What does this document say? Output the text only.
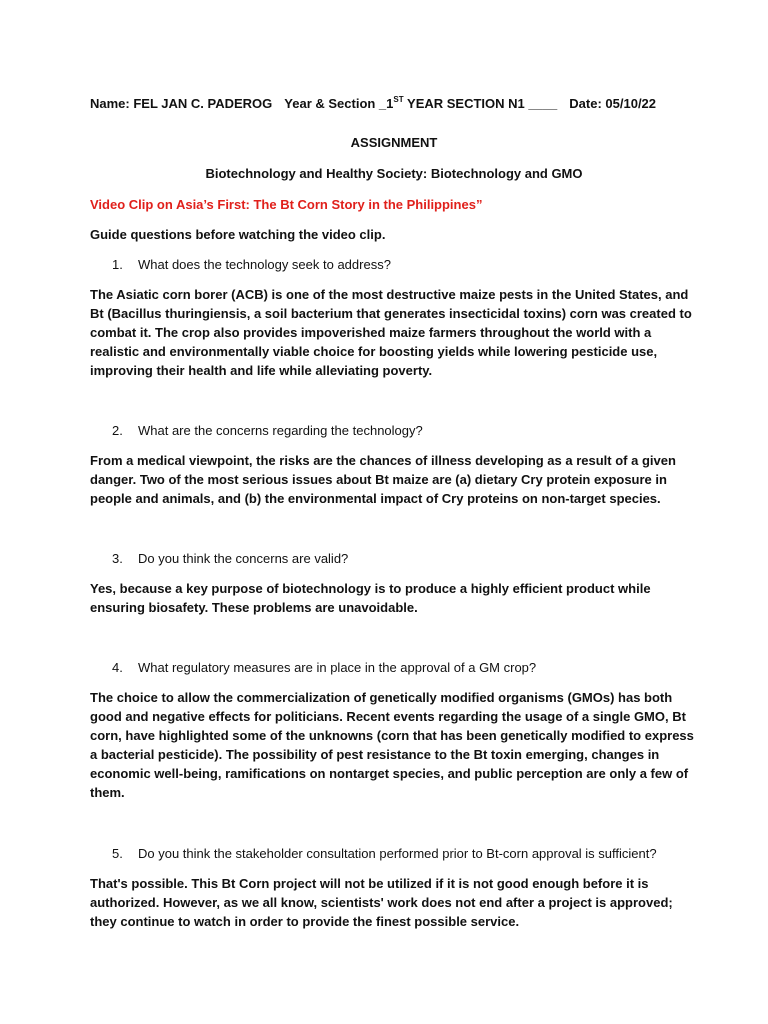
Name: FEL JAN C. PADEROG Year & Section _1ST YEAR SECTION N1 ____ Date: 05/10/22
ASSIGNMENT
Biotechnology and Healthy Society: Biotechnology and GMO
Video Clip on Asia’s First: The Bt Corn Story in the Philippines”
Guide questions before watching the video clip.
1.	What does the technology seek to address?
The Asiatic corn borer (ACB) is one of the most destructive maize pests in the United States, and Bt (Bacillus thuringiensis, a soil bacterium that generates insecticidal toxins) corn was created to combat it. The crop also provides impoverished maize farmers throughout the world with a realistic and environmentally viable choice for boosting yields while lowering pesticide use, improving their health and life while alleviating poverty.
2.	What are the concerns regarding the technology?
From a medical viewpoint, the risks are the chances of illness developing as a result of a given danger. Two of the most serious issues about Bt maize are (a) dietary Cry protein exposure in people and animals, and (b) the environmental impact of Cry proteins on non-target species.
3.	Do you think the concerns are valid?
Yes, because a key purpose of biotechnology is to produce a highly efficient product while ensuring biosafety. These problems are unavoidable.
4.	What regulatory measures are in place in the approval of a GM crop?
The choice to allow the commercialization of genetically modified organisms (GMOs) has both good and negative effects for politicians. Recent events regarding the usage of a single GMO, Bt corn, have highlighted some of the unknowns (corn that has been genetically modified to express a bacterial pesticide). The possibility of pest resistance to the Bt toxin emerging, changes in economic well-being, ramifications on nontarget species, and public perception are only a few of them.
5.	Do you think the stakeholder consultation performed prior to Bt-corn approval is sufficient?
That's possible. This Bt Corn project will not be utilized if it is not good enough before it is authorized. However, as we all know, scientists' work does not end after a project is approved; they continue to watch in order to provide the finest possible service.
